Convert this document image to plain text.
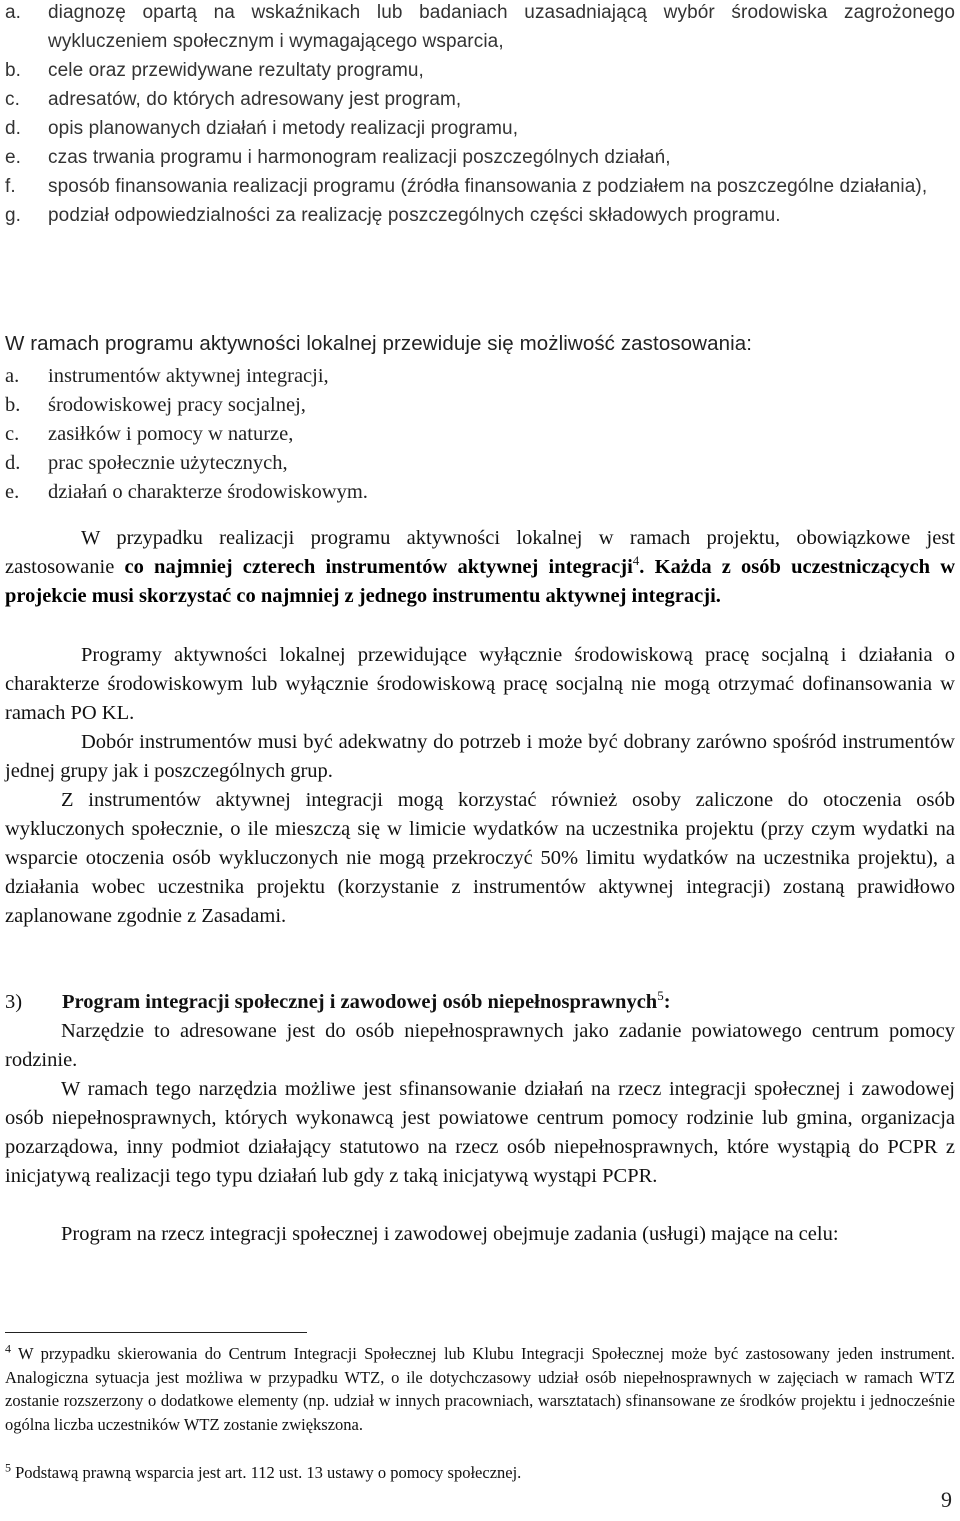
a.	diagnozę opartą na wskaźnikach lub badaniach uzasadniającą wybór środowiska zagrożonego wykluczeniem społecznym i wymagającego wsparcia,
b.	cele oraz przewidywane rezultaty programu,
c.	adresatów, do których adresowany jest program,
d.	opis planowanych działań i metody realizacji programu,
e.	czas trwania programu i harmonogram realizacji poszczególnych działań,
f.	sposób finansowania realizacji programu (źródła finansowania z podziałem na poszczególne działania),
g.	podział odpowiedzialności za realizację poszczególnych części składowych programu.
W ramach programu aktywności lokalnej przewiduje się możliwość zastosowania:
a.	instrumentów aktywnej integracji,
b.	środowiskowej pracy socjalnej,
c.	zasiłków i pomocy w naturze,
d.	prac społecznie użytecznych,
e.	działań o charakterze środowiskowym.
W przypadku realizacji programu aktywności lokalnej w ramach projektu, obowiązkowe jest zastosowanie co najmniej czterech instrumentów aktywnej integracji$^4$. Każda z osób uczestniczących w projekcie musi skorzystać co najmniej z jednego instrumentu aktywnej integracji.
Programy aktywności lokalnej przewidujące wyłącznie środowiskową pracę socjalną i działania o charakterze środowiskowym lub wyłącznie środowiskową pracę socjalną nie mogą otrzymać dofinansowania w ramach PO KL.
Dobór instrumentów musi być adekwatny do potrzeb i może być dobrany zarówno spośród instrumentów jednej grupy jak i poszczególnych grup.
Z instrumentów aktywnej integracji mogą korzystać również osoby zaliczone do otoczenia osób wykluczonych społecznie, o ile mieszczą się w limicie wydatków na uczestnika projektu (przy czym wydatki na wsparcie otoczenia osób wykluczonych nie mogą przekroczyć 50% limitu wydatków na uczestnika projektu), a działania wobec uczestnika projektu (korzystanie z instrumentów aktywnej integracji) zostaną prawidłowo zaplanowane zgodnie z Zasadami.
3) Program integracji społecznej i zawodowej osób niepełnosprawnych$^5$:
Narzędzie to adresowane jest do osób niepełnosprawnych jako zadanie powiatowego centrum pomocy rodzinie.
W ramach tego narzędzia możliwe jest sfinansowanie działań na rzecz integracji społecznej i zawodowej osób niepełnosprawnych, których wykonawcą jest powiatowe centrum pomocy rodzinie lub gmina, organizacja pozarządowa, inny podmiot działający statutowo na rzecz osób niepełnosprawnych, które wystąpią do PCPR z inicjatywą realizacji tego typu działań lub gdy z taką inicjatywą wystąpi PCPR.
Program na rzecz integracji społecznej i zawodowej obejmuje zadania (usługi) mające na celu:
$^4$ W przypadku skierowania do Centrum Integracji Społecznej lub Klubu Integracji Społecznej może być zastosowany jeden instrument. Analogiczna sytuacja jest możliwa w przypadku WTZ, o ile dotychczasowy udział osób niepełnosprawnych w zajęciach w ramach WTZ zostanie rozszerzony o dodatkowe elementy (np. udział w innych pracowniach, warsztatach) sfinansowane ze środków projektu i jednocześnie ogólna liczba uczestników WTZ zostanie zwiększona.
$^5$ Podstawą prawną wsparcia jest art. 112 ust. 13 ustawy o pomocy społecznej.
9
